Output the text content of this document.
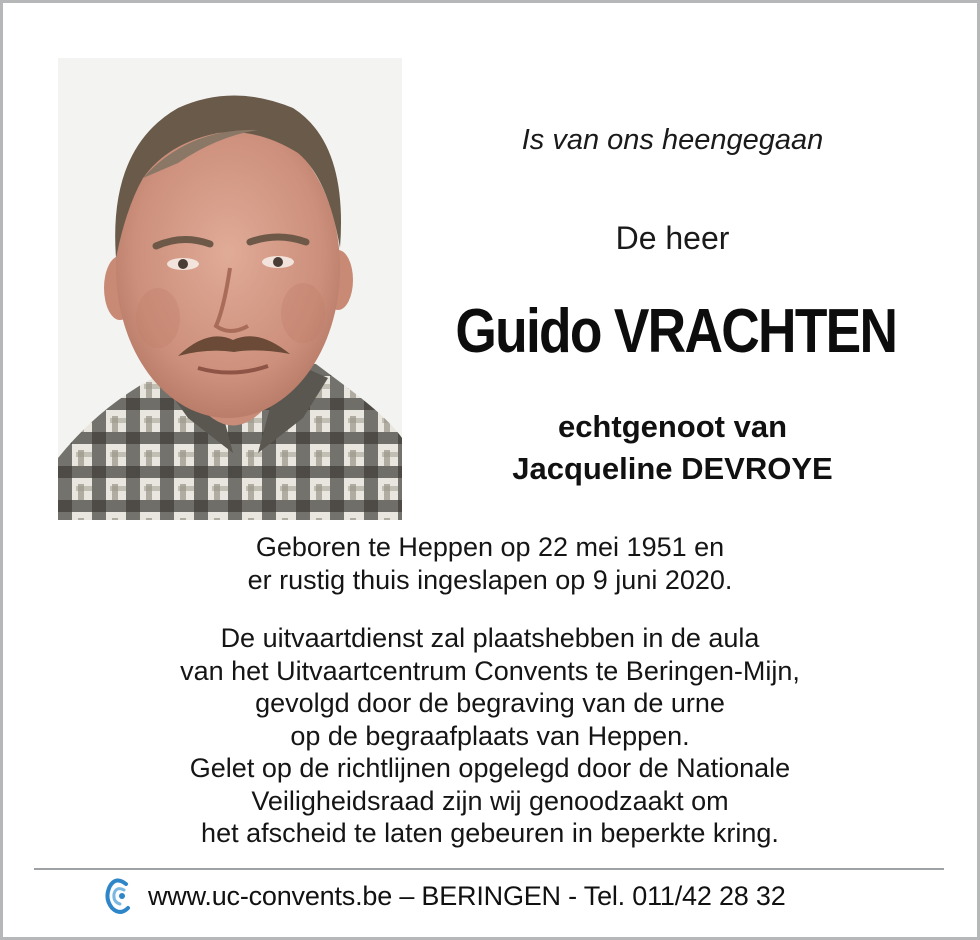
Is van ons heengegaan
De heer
Guido VRACHTEN
echtgenoot van
Jacqueline DEVROYE
Geboren te Heppen op 22 mei 1951 en
er rustig thuis ingeslapen op 9 juni 2020.
De uitvaartdienst zal plaatshebben in de aula
van het Uitvaartcentrum Convents te Beringen-Mijn,
gevolgd door de begraving van de urne
op de begraafplaats van Heppen.
Gelet op de richtlijnen opgelegd door de Nationale
Veiligheidsraad zijn wij genoodzaakt om
het afscheid te laten gebeuren in beperkte kring.
www.uc-convents.be – BERINGEN - Tel. 011/42 28 32
